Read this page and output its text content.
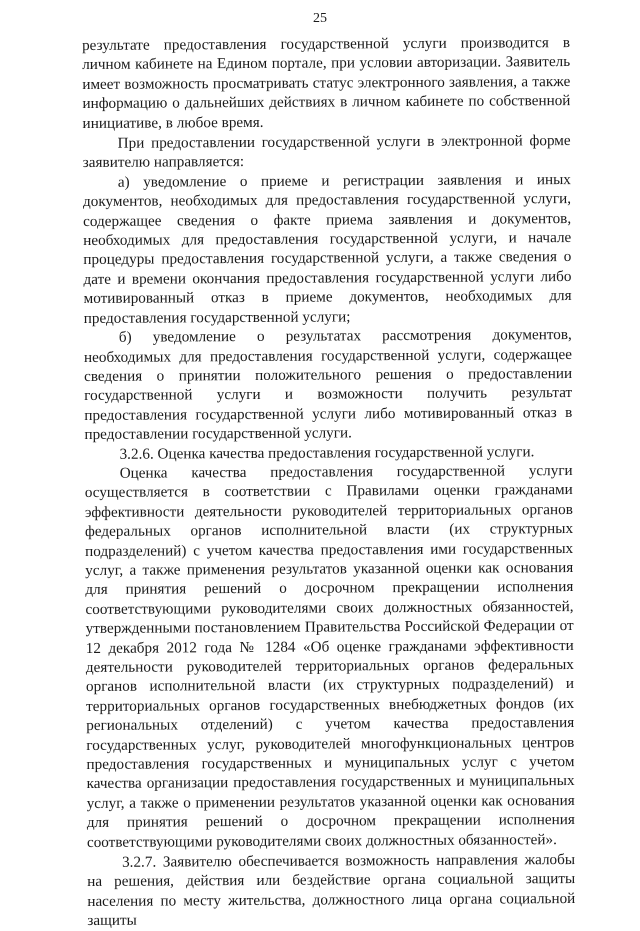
25

результате предоставления государственной услуги производится в личном кабинете на Едином портале, при условии авторизации. Заявитель имеет возможность просматривать статус электронного заявления, а также информацию о дальнейших действиях в личном кабинете по собственной инициативе, в любое время.

При предоставлении государственной услуги в электронной форме заявителю направляется:

а) уведомление о приеме и регистрации заявления и иных документов, необходимых для предоставления государственной услуги, содержащее сведения о факте приема заявления и документов, необходимых для предоставления государственной услуги, и начале процедуры предоставления государственной услуги, а также сведения о дате и времени окончания предоставления государственной услуги либо мотивированный отказ в приеме документов, необходимых для предоставления государственной услуги;

б) уведомление о результатах рассмотрения документов, необходимых для предоставления государственной услуги, содержащее сведения о принятии положительного решения о предоставлении государственной услуги и возможности получить результат предоставления государственной услуги либо мотивированный отказ в предоставлении государственной услуги.

3.2.6. Оценка качества предоставления государственной услуги.

Оценка качества предоставления государственной услуги осуществляется в соответствии с Правилами оценки гражданами эффективности деятельности руководителей территориальных органов федеральных органов исполнительной власти (их структурных подразделений) с учетом качества предоставления ими государственных услуг, а также применения результатов указанной оценки как основания для принятия решений о досрочном прекращении исполнения соответствующими руководителями своих должностных обязанностей, утвержденными постановлением Правительства Российской Федерации от 12 декабря 2012 года № 1284 «Об оценке гражданами эффективности деятельности руководителей территориальных органов федеральных органов исполнительной власти (их структурных подразделений) и территориальных органов государственных внебюджетных фондов (их региональных отделений) с учетом качества предоставления государственных услуг, руководителей многофункциональных центров предоставления государственных и муниципальных услуг с учетом качества организации предоставления государственных и муниципальных услуг, а также о применении результатов указанной оценки как основания для принятия решений о досрочном прекращении исполнения соответствующими руководителями своих должностных обязанностей».

3.2.7. Заявителю обеспечивается возможность направления жалобы на решения, действия или бездействие органа социальной защиты населения по месту жительства, должностного лица органа социальной защиты
